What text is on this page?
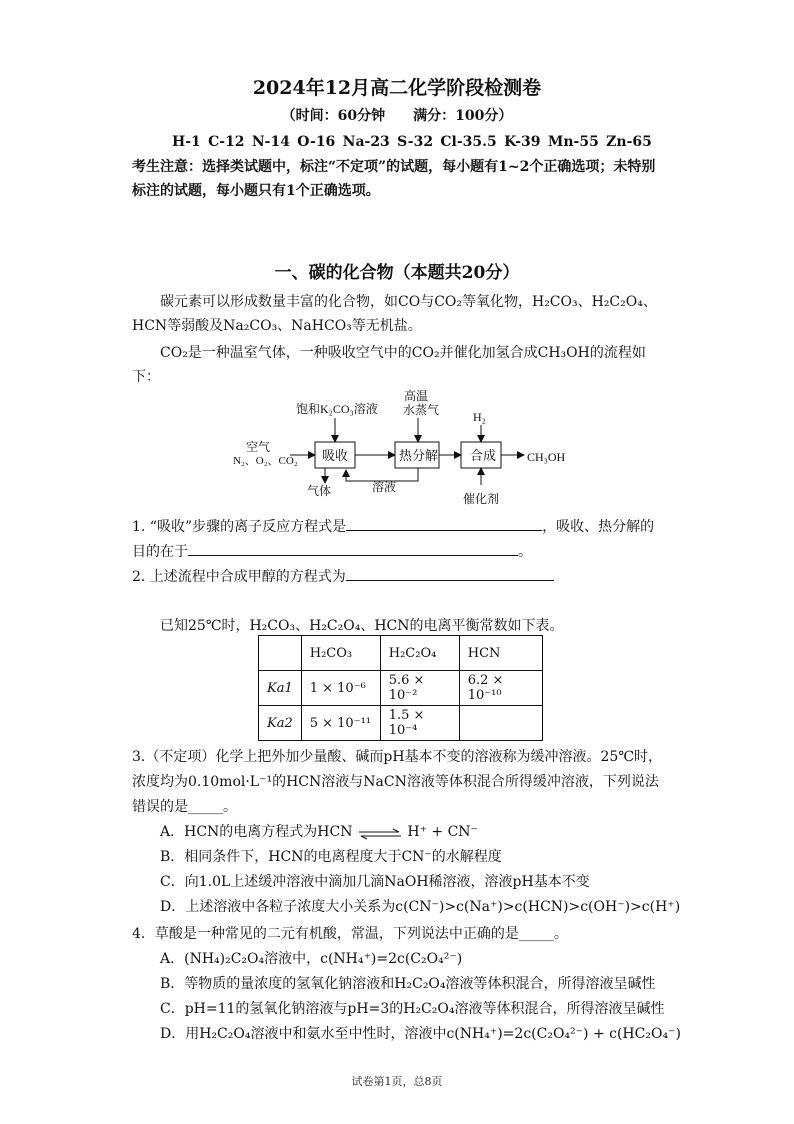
2024年12月高二化学阶段检测卷
（时间：60分钟　　满分：100分）
H-1 C-12 N-14 O-16 Na-23 S-32 Cl-35.5 K-39 Mn-55 Zn-65
考生注意：选择类试题中，标注“不定项”的试题，每小题有1~2个正确选项；未特别
标注的试题，每小题只有1个正确选项。
一、碳的化合物（本题共20分）
碳元素可以形成数量丰富的化合物，如CO与CO₂等氧化物，H₂CO₃、H₂C₂O₄、
HCN等弱酸及Na₂CO₃、NaHCO₃等无机盐。
CO₂是一种温室气体，一种吸收空气中的CO₂并催化加氢合成CH₃OH的流程如
下：
空气
N₂、O₂、CO₂
饱和K₂CO₃溶液
高温
水蒸气	H₂
吸收	热分解 合成	CH₃OH
气体	溶液
催化剂
1. “吸收”步骤的离子反应方程式是	，吸收、热分解的
目的在于	。
2. 上述流程中合成甲醇的方程式为
已知25℃时，H₂CO₃、H₂C₂O₄、HCN的电离平衡常数如下表。
	H₂CO₃	H₂C₂O₄	HCN
Ka1	1 × 10⁻⁶	5.6 × 10⁻²	6.2 × 10⁻¹⁰
Ka2	5 × 10⁻¹¹	1.5 × 10⁻⁴	
3.（不定项）化学上把外加少量酸、碱而pH基本不变的溶液称为缓冲溶液。25℃时，
浓度均为0.10mol·L⁻¹的HCN溶液与NaCN溶液等体积混合所得缓冲溶液，下列说法
错误的是_____。
A．HCN的电离方程式为HCN ⇌ H⁺ + CN⁻
B．相同条件下，HCN的电离程度大于CN⁻的水解程度
C．向1.0L上述缓冲溶液中滴加几滴NaOH稀溶液，溶液pH基本不变
D．上述溶液中各粒子浓度大小关系为c(CN⁻)>c(Na⁺)>c(HCN)>c(OH⁻)>c(H⁺)
4．草酸是一种常见的二元有机酸，常温，下列说法中正确的是_____。
A．(NH₄)₂C₂O₄溶液中，c(NH₄⁺)=2c(C₂O₄²⁻)
B．等物质的量浓度的氢氧化钠溶液和H₂C₂O₄溶液等体积混合，所得溶液呈碱性
C．pH=11的氢氧化钠溶液与pH=3的H₂C₂O₄溶液等体积混合，所得溶液呈碱性
D．用H₂C₂O₄溶液中和氨水至中性时，溶液中c(NH₄⁺)=2c(C₂O₄²⁻) + c(HC₂O₄⁻)
试卷第1页，总8页
